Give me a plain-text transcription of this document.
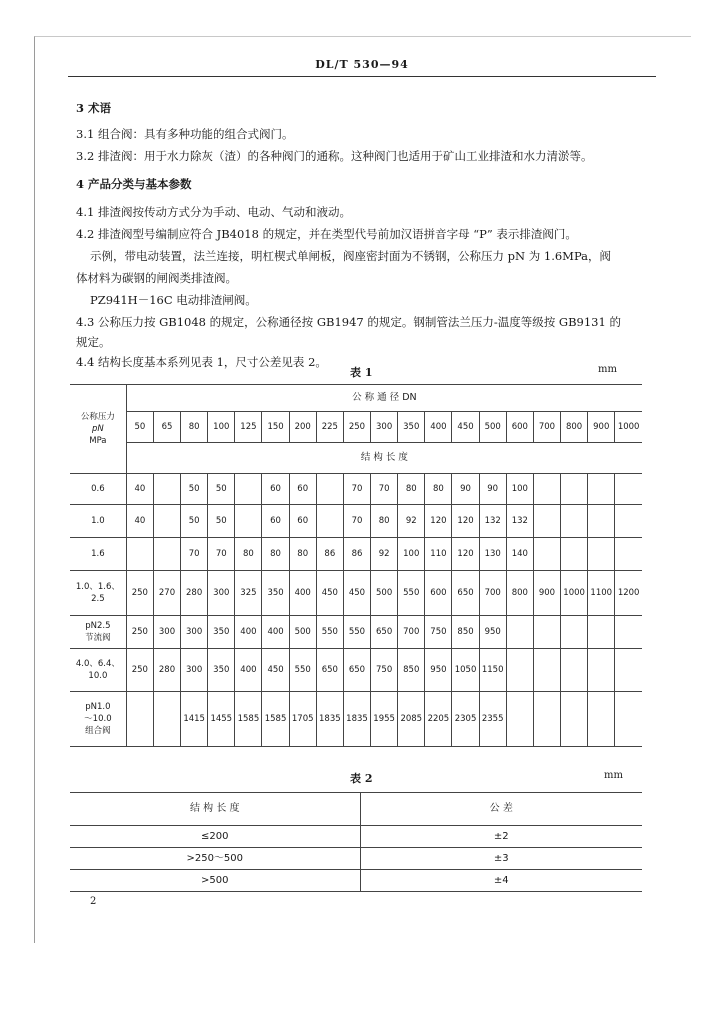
DL/T 530—94
3 术语
3.1 组合阀：具有多种功能的组合式阀门。
3.2 排渣阀：用于水力除灰（渣）的各种阀门的通称。这种阀门也适用于矿山工业排渣和水力清淤等。
4 产品分类与基本参数
4.1 排渣阀按传动方式分为手动、电动、气动和液动。
4.2 排渣阀型号编制应符合 JB4018 的规定，并在类型代号前加汉语拼音字母 “P” 表示排渣阀门。
示例，带电动装置，法兰连接，明杠楔式单闸板，阀座密封面为不锈钢，公称压力 pN 为 1.6MPa，阀
体材料为碳钢的闸阀类排渣阀。
PZ941H－16C 电动排渣闸阀。
4.3 公称压力按 GB1048 的规定，公称通径按 GB1947 的规定。钢制管法兰压力-温度等级按 GB9131 的
规定。
4.4 结构长度基本系列见表 1，尺寸公差见表 2。
表 1	mm
公称压力
pN
MPa	公 称 通 径 DN																		
	50	65	80	100	125	150	200	225	250	300	350	400	450	500	600	700	800	900	1000
	结 构 长 度																		

0.6	40		50	50		60	60		70	70	80	80	90	90	100				

1.0	40		50	50		60	60		70	80	92	120	120	132	132				

1.6			70	70	80	80	80	86	86	92	100	110	120	130	140				

1.0、1.6、
2.5	250	270	280	300	325	350	400	450	450	500	550	600	650	700	800	900	1000	1100	1200

pN2.5
节流阀	250	300	300	350	400	400	500	550	550	650	700	750	850	950					

4.0、6.4、
10.0	250	280	300	350	400	450	550	650	650	750	850	950	1050	1150					

pN1.0
～10.0
组合阀			1415	1455	1585	1585	1705	1835	1835	1955	2085	2205	2305	2355					
表 2	mm
结 构 长 度	公 差
≤200	±2
>250～500	±3
>500	±4
2
